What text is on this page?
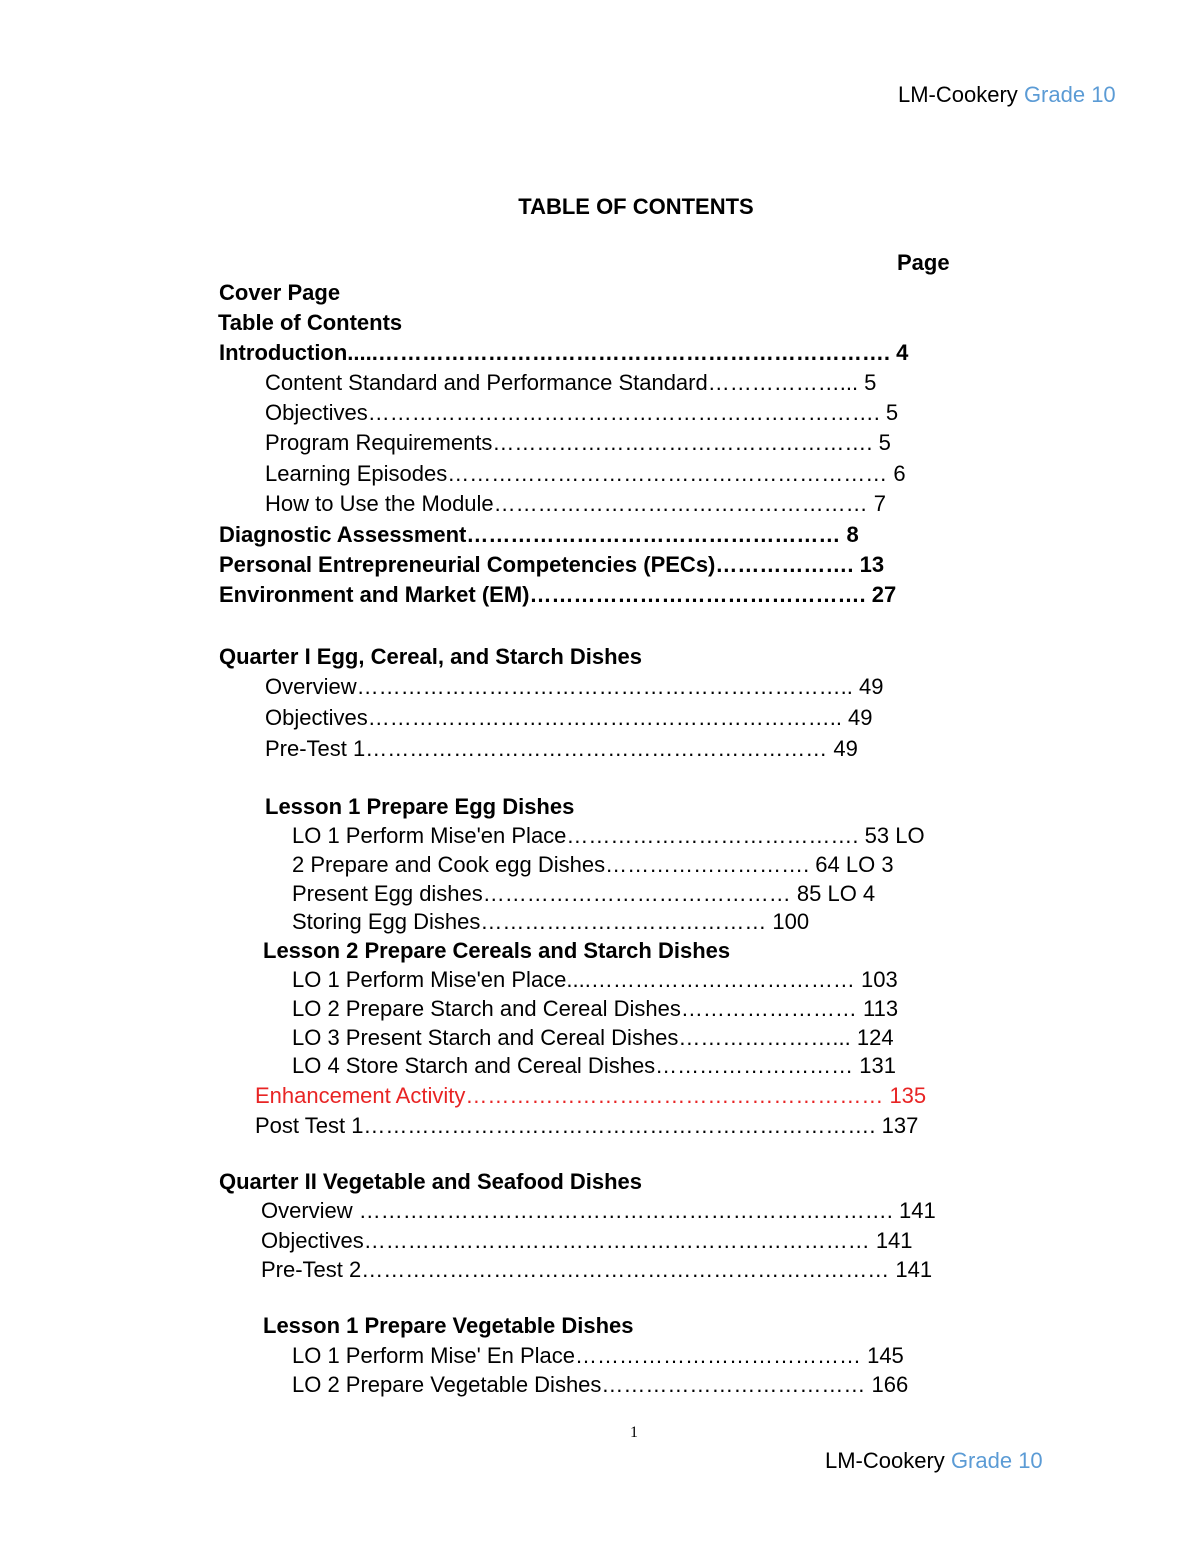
LM-Cookery Grade 10
TABLE OF CONTENTS
Page
Cover Page
Table of Contents
Introduction.....……………………………………………………………. 4
Content Standard and Performance Standard………………... 5
Objectives……………………………………………………………. 5
Program Requirements……………………………………………. 5
Learning Episodes…………………………………………………… 6
How to Use the Module…………………………………………… 7
Diagnostic Assessment…………………………………………… 8
Personal Entrepreneurial Competencies (PECs)………………. 13
Environment and Market (EM)………………………………………. 27
Quarter I Egg, Cereal, and Starch Dishes
Overview………………………………………………………….. 49
Objectives……………………………………………………….. 49
Pre-Test 1……………………………………………………… 49
Lesson 1 Prepare Egg Dishes
LO 1 Perform Mise'en Place…………………………………. 53 LO
2 Prepare and Cook egg Dishes………………………. 64 LO 3
Present Egg dishes…………………………………… 85 LO 4
Storing Egg Dishes………………………………… 100
Lesson 2 Prepare Cereals and Starch Dishes
LO 1 Perform Mise'en Place....……………………………… 103
LO 2 Prepare Starch and Cereal Dishes…………………… 113
LO 3 Present Starch and Cereal Dishes…………………... 124
LO 4 Store Starch and Cereal Dishes……………………… 131
Enhancement Activity………………………………………………… 135
Post Test 1……………………………………………………………. 137
Quarter II Vegetable and Seafood Dishes
Overview ………………………………………………………………. 141
Objectives…………………………………………………………… 141
Pre-Test 2……………………………………………………………… 141
Lesson 1 Prepare Vegetable Dishes
LO 1 Perform Mise' En Place………………………………… 145
LO 2 Prepare Vegetable Dishes……………………………… 166
1
LM-Cookery Grade 10
